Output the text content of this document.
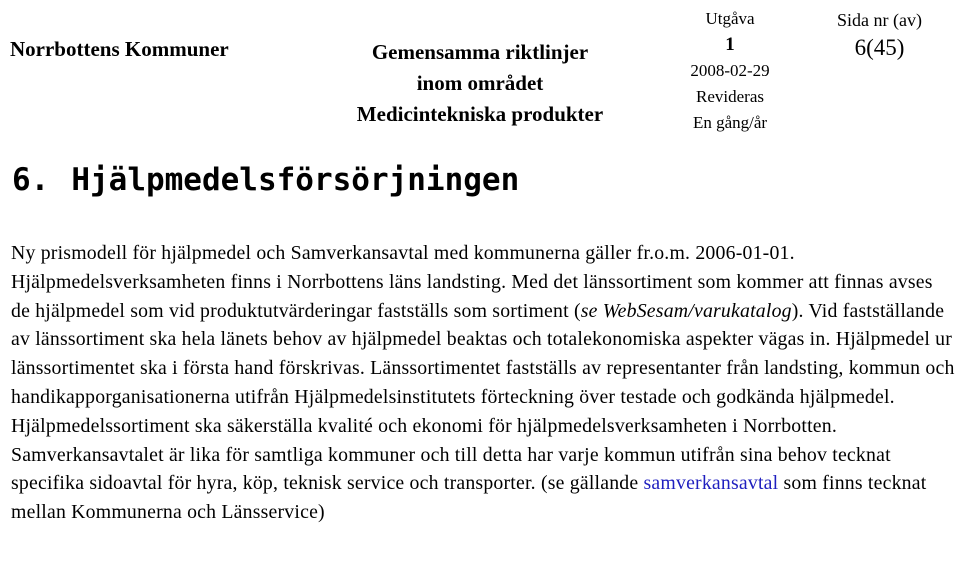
Norrbottens Kommuner	Gemensamma riktlinjer
inom området
Medicintekniska produkter
Utgåva
1
2008-02-29
Revideras
En gång/år
Sida nr (av)
6(45)
6. Hjälpmedelsförsörjningen
Ny prismodell för hjälpmedel och Samverkansavtal med kommunerna gäller fr.o.m. 2006-01-01. Hjälpmedelsverksamheten finns i Norrbottens läns landsting. Med det länssortiment som kommer att finnas avses de hjälpmedel som vid produktutvärderingar fastställs som sortiment (se WebSesam/varukatalog). Vid fastställande av länssortiment ska hela länets behov av hjälpmedel beaktas och totalekonomiska aspekter vägas in. Hjälpmedel ur länssortimentet ska i första hand förskrivas. Länssortimentet fastställs av representanter från landsting, kommun och handikapporganisationerna utifrån Hjälpmedelsinstitutets förteckning över testade och godkända hjälpmedel. Hjälpmedelssortiment ska säkerställa kvalité och ekonomi för hjälpmedelsverksamheten i Norrbotten. Samverkansavtalet är lika för samtliga kommuner och till detta har varje kommun utifrån sina behov tecknat specifika sidoavtal för hyra, köp, teknisk service och transporter. (se gällande samverkansavtal som finns tecknat mellan Kommunerna och Länsservice)
